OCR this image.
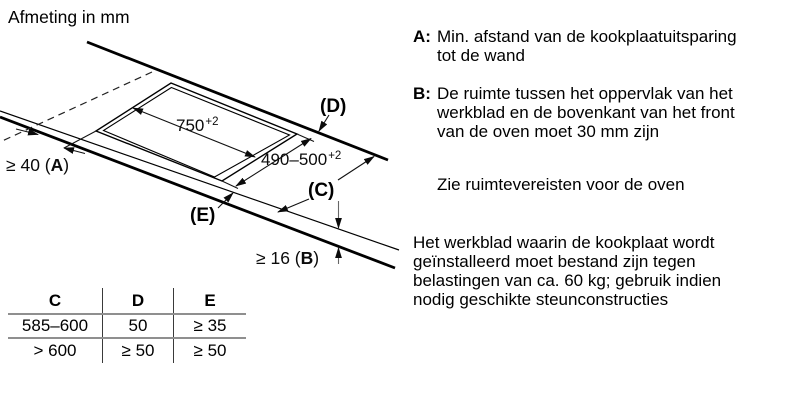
Afmeting in mm
$750^{+2}$
$490-500^{+2}$
≥ 40 (A)
≥ 16 (B)
(D)
(C)
(E)
C	D	E
585–600	50	≥ 35
> 600	≥ 50	≥ 50
A: Min. afstand van de kookplaatuitsparing
tot de wand
B: De ruimte tussen het oppervlak van het
werkblad en de bovenkant van het front
van de oven moet 30 mm zijn
Zie ruimtevereisten voor de oven
Het werkblad waarin de kookplaat wordt
geïnstalleerd moet bestand zijn tegen
belastingen van ca. 60 kg; gebruik indien
nodig geschikte steunconstructies
